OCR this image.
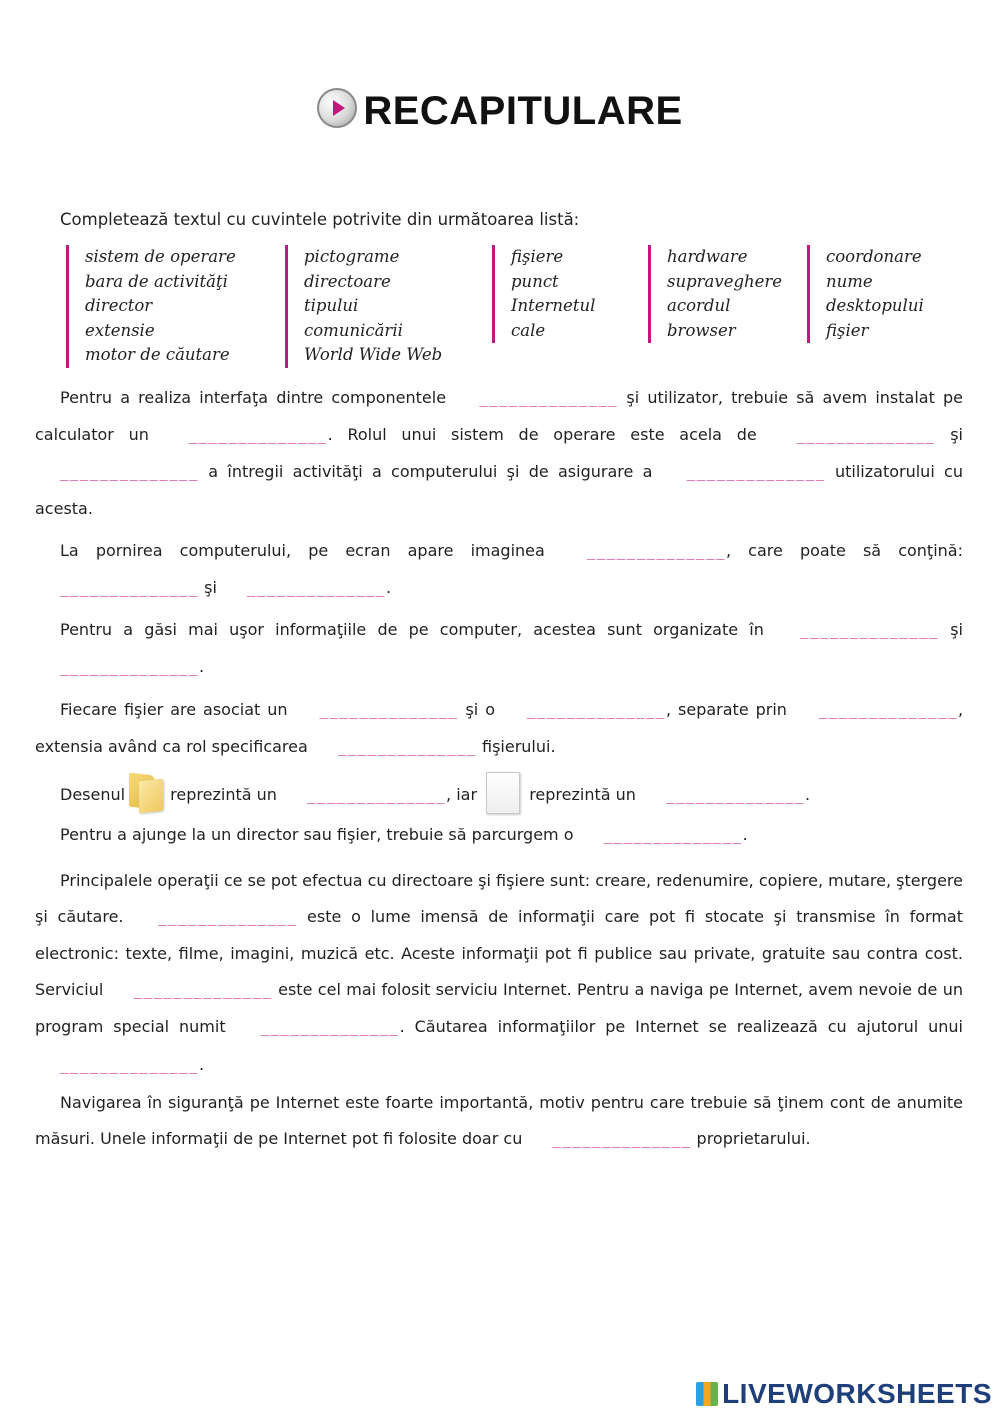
RECAPITULARE
Completează textul cu cuvintele potrivite din următoarea listă:
sistem de operare
bara de activităţi
director
extensie
motor de căutare
pictograme
directoare
tipului
comunicării
World Wide Web
fişiere
punct
Internetul
cale
hardware
supraveghere
acordul
browser
coordonare
nume
desktopului
fişier

Pentru a realiza interfaţa dintre componentele ______________ şi utilizator, trebuie să avem instalat pe calculator un	______________. Rolul unui sistem de operare este acela de	______________ şi ______________ a întregii activităţi a computerului şi de asigurare a ______________ utilizatorului cu acesta.

La pornirea computerului, pe ecran apare imaginea	______________, care poate să conţină: ______________ şi ______________.

Pentru a găsi mai uşor informaţiile de pe computer, acestea sunt organizate în	______________ şi ______________.

Fiecare fişier are asociat un ______________ şi o ______________, separate prin ______________, extensia având ca rol specificarea ______________ fişierului.

Desenul	reprezintă un ______________, iar	reprezintă un ______________.

Pentru a ajunge la un director sau fişier, trebuie să parcurgem o ______________.

Principalele operaţii ce se pot efectua cu directoare şi fişiere sunt: creare, redenumire, copiere, mutare, ştergere şi căutare. ______________ este o lume imensă de informaţii care pot fi stocate şi transmise în format electronic: texte, filme, imagini, muzică etc. Aceste informaţii pot fi publice sau private, gratuite sau contra cost. Serviciul ______________ este cel mai folosit serviciu Internet. Pentru a naviga pe Internet, avem nevoie de un program special numit ______________. Căutarea informaţiilor pe Internet se realizează cu ajutorul unui ______________.

Navigarea în siguranţă pe Internet este foarte importantă, motiv pentru care trebuie să ţinem cont de anumite măsuri. Unele informaţii de pe Internet pot fi folosite doar cu ______________ proprietarului.

LIVEWORKSHEETS
